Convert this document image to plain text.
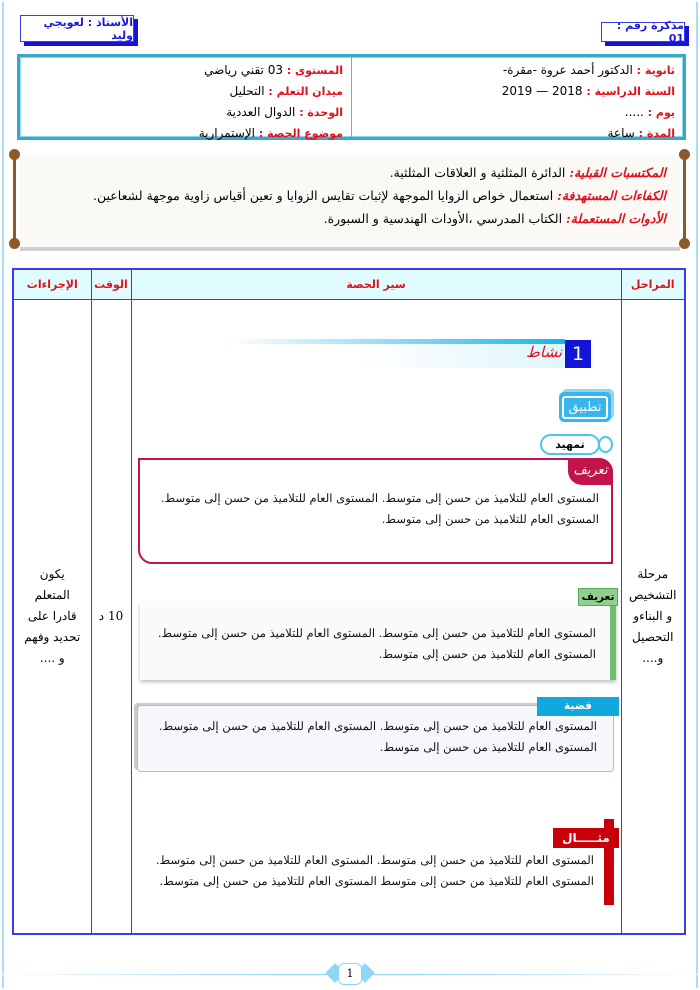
الأستاذ : لعويجي وليد
مذكرة رقم : 01
ثانوية : الدكتور أحمد عروة -مقرة-
السنة الدراسية : 2018 — 2019
يوم : .....
المدة : ساعة
المستوى : 03 تقني رياضي
ميدان التعلم : التحليل
الوحدة : الدوال العددية
موضوع الحصة : الإستمرارية
المكتسبات القبلية: الدائرة المثلثية و العلاقات المثلثية.
الكفاءات المستهدفة: استعمال خواص الزوايا الموجهة لإثبات تقايس الزوايا و تعين أقياس زاوية موجهة لشعاعين.
الأدوات المستعملة: الكتاب المدرسي ،الأودات الهندسية و السبورة.
المراحل	سير الحصة	الوقت	الإجراءات
مرحلة التشخيص و البناءو التحصيل و....		10 د	يكون المتعلم قادرا على تحديد وفهم و ....
1
نشاط
تطبيق
تمهيد
تعريف
المستوى العام للتلاميذ من حسن إلى متوسط. المستوى العام للتلاميذ من حسن إلى متوسط. المستوى العام للتلاميذ من حسن إلى متوسط.
المستوى العام للتلاميذ من حسن إلى متوسط. المستوى العام للتلاميذ من حسن إلى متوسط. المستوى العام للتلاميذ من حسن إلى متوسط.
تعريف
المستوى العام للتلاميذ من حسن إلى متوسط. المستوى العام للتلاميذ من حسن إلى متوسط. المستوى العام للتلاميذ من حسن إلى متوسط.
قضية
مثـــــال
المستوى العام للتلاميذ من حسن إلى متوسط. المستوى العام للتلاميذ من حسن إلى متوسط. المستوى العام للتلاميذ من حسن إلى متوسط المستوى العام للتلاميذ من حسن إلى متوسط.
1
